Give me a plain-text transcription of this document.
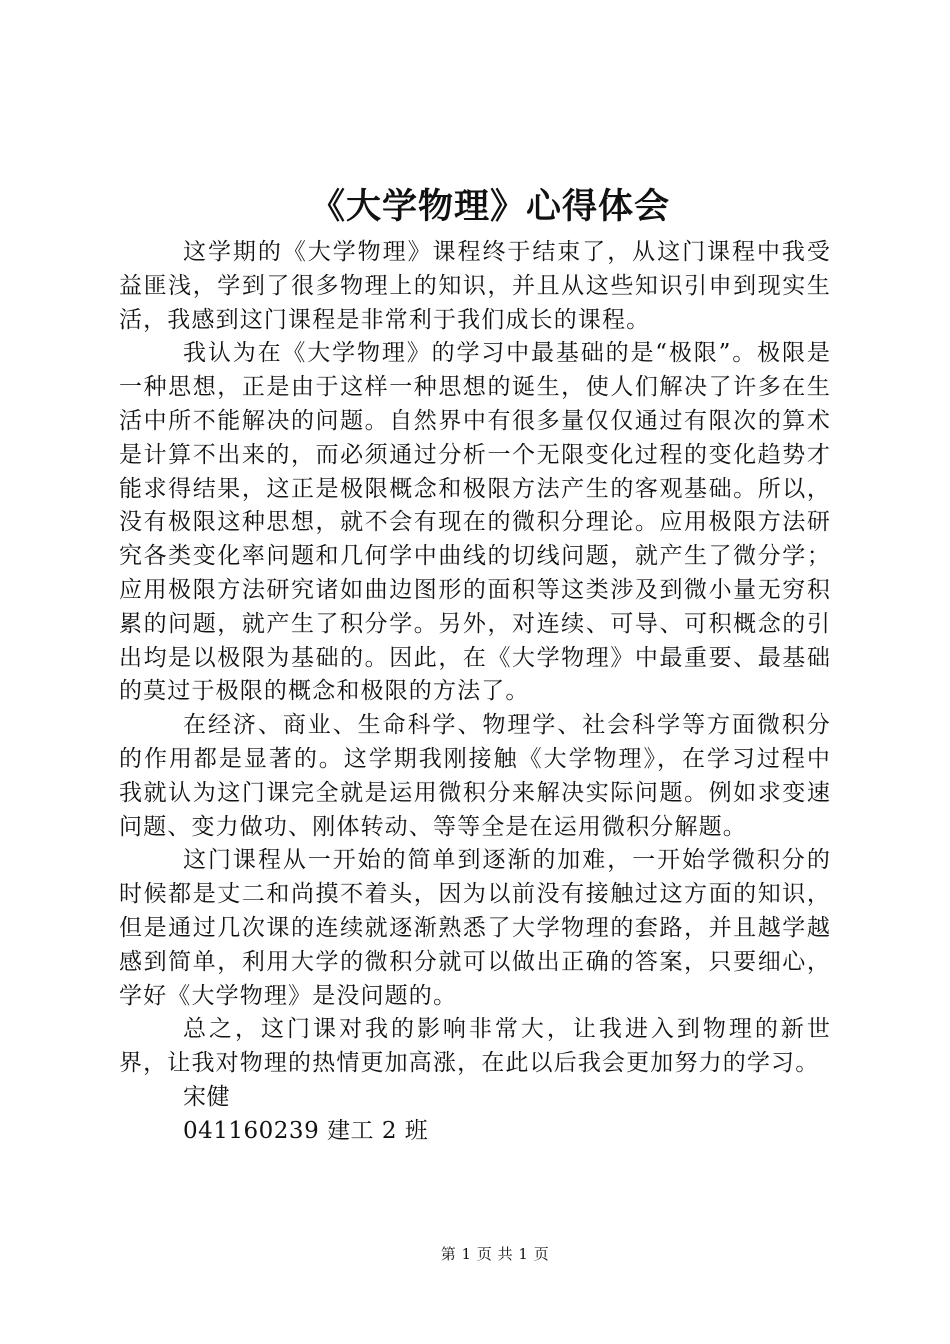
《大学物理》心得体会

这学期的《大学物理》课程终于结束了，从这门课程中我受益匪浅，学到了很多物理上的知识，并且从这些知识引申到现实生活，我感到这门课程是非常利于我们成长的课程。

我认为在《大学物理》的学习中最基础的是“极限”。极限是一种思想，正是由于这样一种思想的诞生，使人们解决了许多在生活中所不能解决的问题。自然界中有很多量仅仅通过有限次的算术是计算不出来的，而必须通过分析一个无限变化过程的变化趋势才能求得结果，这正是极限概念和极限方法产生的客观基础。所以，没有极限这种思想，就不会有现在的微积分理论。应用极限方法研究各类变化率问题和几何学中曲线的切线问题，就产生了微分学；应用极限方法研究诸如曲边图形的面积等这类涉及到微小量无穷积累的问题，就产生了积分学。另外，对连续、可导、可积概念的引出均是以极限为基础的。因此，在《大学物理》中最重要、最基础的莫过于极限的概念和极限的方法了。

在经济、商业、生命科学、物理学、社会科学等方面微积分的作用都是显著的。这学期我刚接触《大学物理》，在学习过程中我就认为这门课完全就是运用微积分来解决实际问题。例如求变速问题、变力做功、刚体转动、等等全是在运用微积分解题。

这门课程从一开始的简单到逐渐的加难，一开始学微积分的时候都是丈二和尚摸不着头，因为以前没有接触过这方面的知识，但是通过几次课的连续就逐渐熟悉了大学物理的套路，并且越学越感到简单，利用大学的微积分就可以做出正确的答案，只要细心，学好《大学物理》是没问题的。

总之，这门课对我的影响非常大，让我进入到物理的新世界，让我对物理的热情更加高涨，在此以后我会更加努力的学习。

宋健

041160239 建工 2 班

第 1 页 共 1 页
